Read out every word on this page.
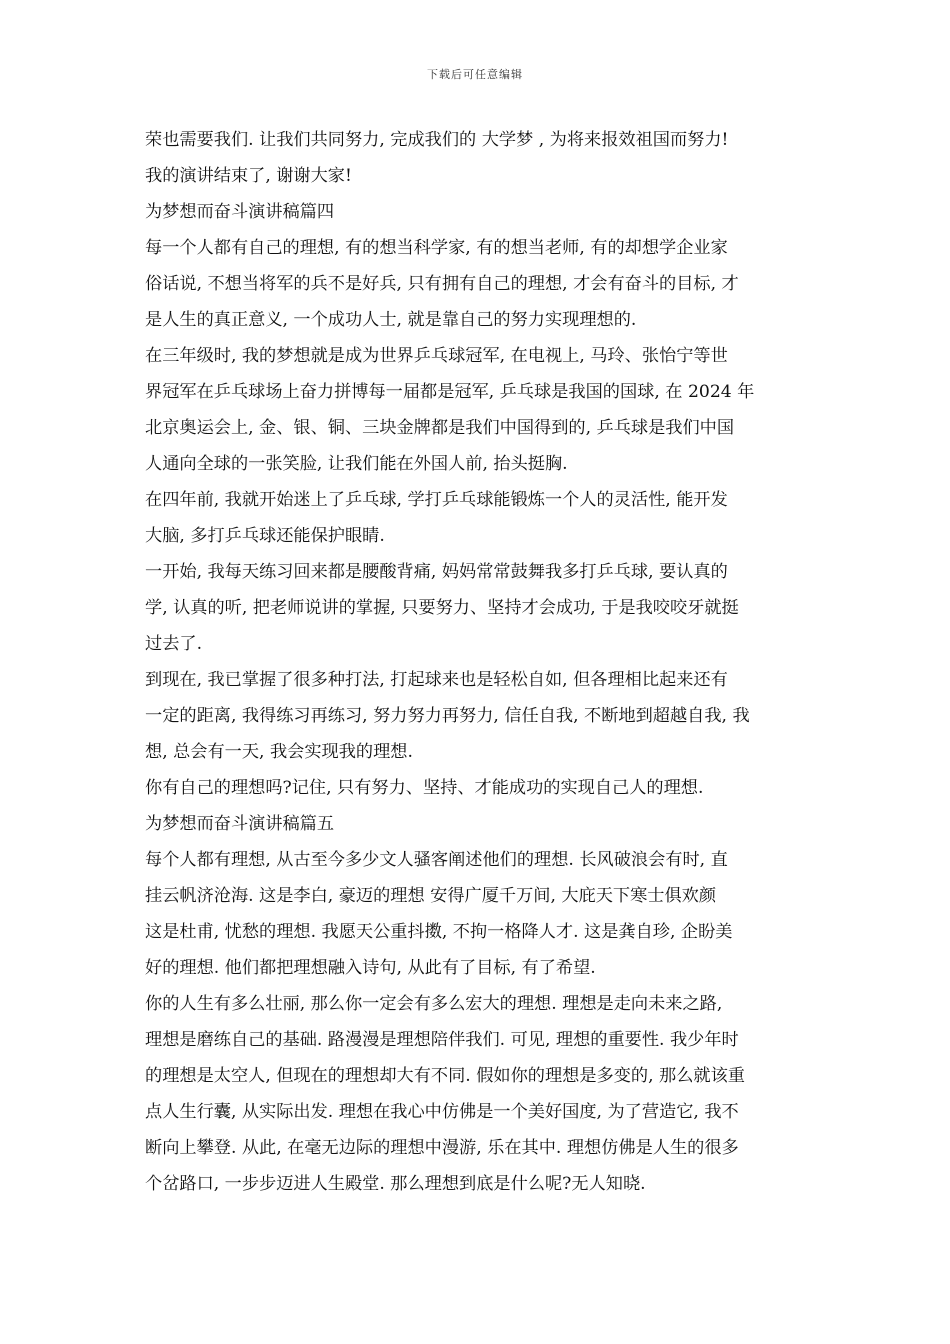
下载后可任意编辑
荣也需要我们. 让我们共同努力, 完成我们的 大学梦 , 为将来报效祖国而努力!
我的演讲结束了, 谢谢大家!
为梦想而奋斗演讲稿篇四
每一个人都有自己的理想, 有的想当科学家, 有的想当老师, 有的却想学企业家
俗话说, 不想当将军的兵不是好兵, 只有拥有自己的理想, 才会有奋斗的目标, 才
是人生的真正意义, 一个成功人士, 就是靠自己的努力实现理想的.
在三年级时, 我的梦想就是成为世界乒乓球冠军, 在电视上, 马玲、张怡宁等世
界冠军在乒乓球场上奋力拼博每一届都是冠军, 乒乓球是我国的国球, 在 2024 年
北京奥运会上, 金、银、铜、三块金牌都是我们中国得到的, 乒乓球是我们中国
人通向全球的一张笑脸, 让我们能在外国人前, 抬头挺胸.
在四年前, 我就开始迷上了乒乓球, 学打乒乓球能锻炼一个人的灵活性, 能开发
大脑, 多打乒乓球还能保护眼睛.
一开始, 我每天练习回来都是腰酸背痛, 妈妈常常鼓舞我多打乒乓球, 要认真的
学, 认真的听, 把老师说讲的掌握, 只要努力、坚持才会成功, 于是我咬咬牙就挺
过去了.
到现在, 我已掌握了很多种打法, 打起球来也是轻松自如, 但各理相比起来还有
一定的距离, 我得练习再练习, 努力努力再努力, 信任自我, 不断地到超越自我, 我
想, 总会有一天, 我会实现我的理想.
你有自己的理想吗?记住, 只有努力、坚持、才能成功的实现自己人的理想.
为梦想而奋斗演讲稿篇五
每个人都有理想, 从古至今多少文人骚客阐述他们的理想. 长风破浪会有时, 直
挂云帆济沧海. 这是李白, 豪迈的理想 安得广厦千万间, 大庇天下寒士俱欢颜
这是杜甫, 忧愁的理想. 我愿天公重抖擞, 不拘一格降人才. 这是龚自珍, 企盼美
好的理想. 他们都把理想融入诗句, 从此有了目标, 有了希望.
你的人生有多么壮丽, 那么你一定会有多么宏大的理想. 理想是走向未来之路,
理想是磨练自己的基础. 路漫漫是理想陪伴我们. 可见, 理想的重要性. 我少年时
的理想是太空人, 但现在的理想却大有不同. 假如你的理想是多变的, 那么就该重
点人生行囊, 从实际出发. 理想在我心中仿佛是一个美好国度, 为了营造它, 我不
断向上攀登. 从此, 在毫无边际的理想中漫游, 乐在其中. 理想仿佛是人生的很多
个岔路口, 一步步迈进人生殿堂. 那么理想到底是什么呢?无人知晓.
